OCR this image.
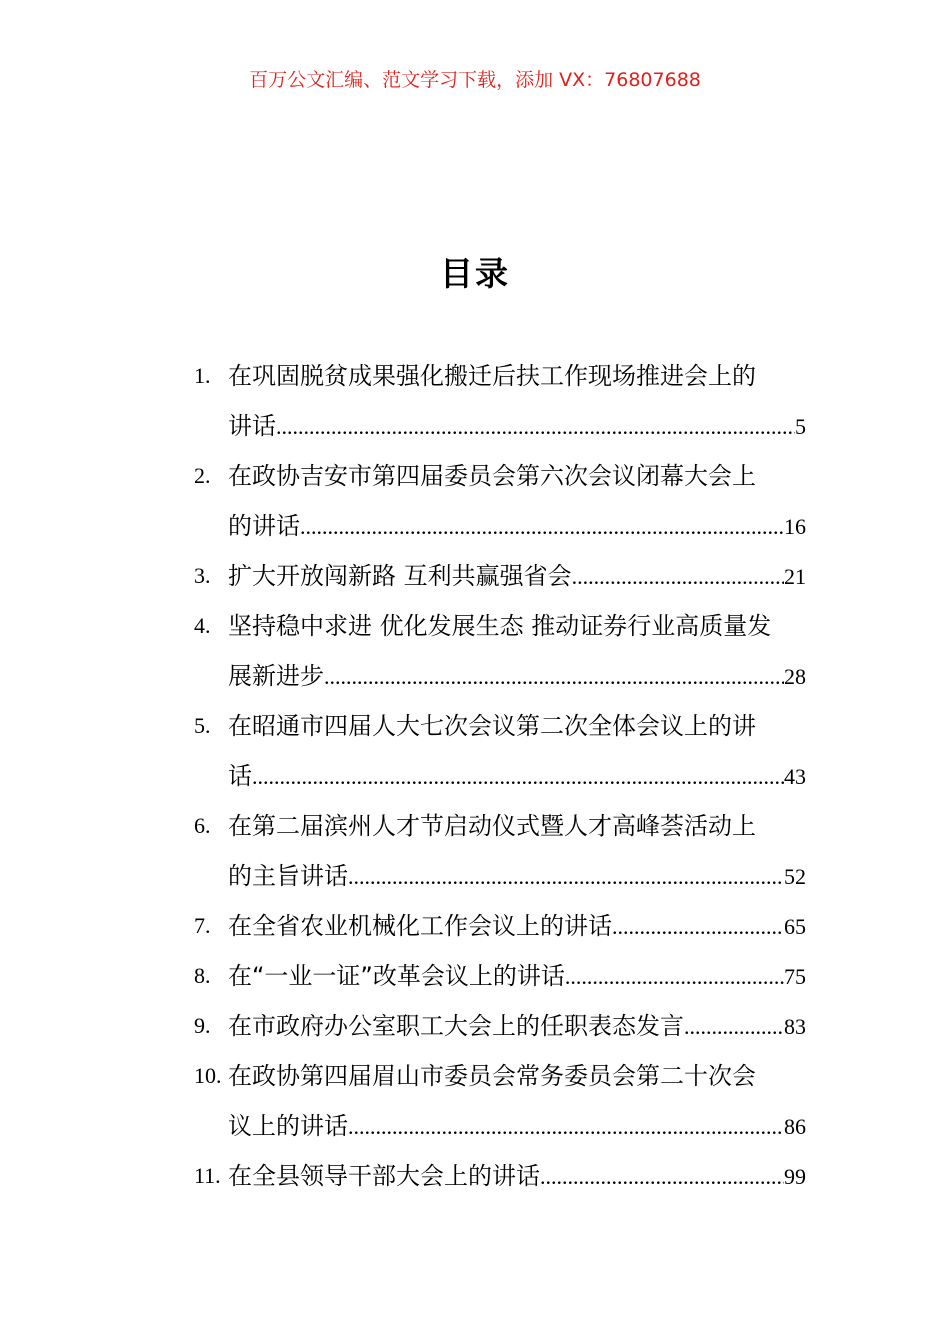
百万公文汇编、范文学习下载，添加 VX：76807688
目录
1. 在巩固脱贫成果强化搬迁后扶工作现场推进会上的
讲话 .....	5
2. 在政协吉安市第四届委员会第六次会议闭幕大会上
的讲话 .....	16
3. 扩大开放闯新路 互利共赢强省会 .....	21
4. 坚持稳中求进 优化发展生态 推动证券行业高质量发
展新进步 .....	28
5. 在昭通市四届人大七次会议第二次全体会议上的讲
话 .....	43
6. 在第二届滨州人才节启动仪式暨人才高峰荟活动上
的主旨讲话 .....	52
7. 在全省农业机械化工作会议上的讲话 .....	65
8. 在“一业一证”改革会议上的讲话 .....	75
9. 在市政府办公室职工大会上的任职表态发言 .....	83
10. 在政协第四届眉山市委员会常务委员会第二十次会
议上的讲话 .....	86
11. 在全县领导干部大会上的讲话 .....	99
